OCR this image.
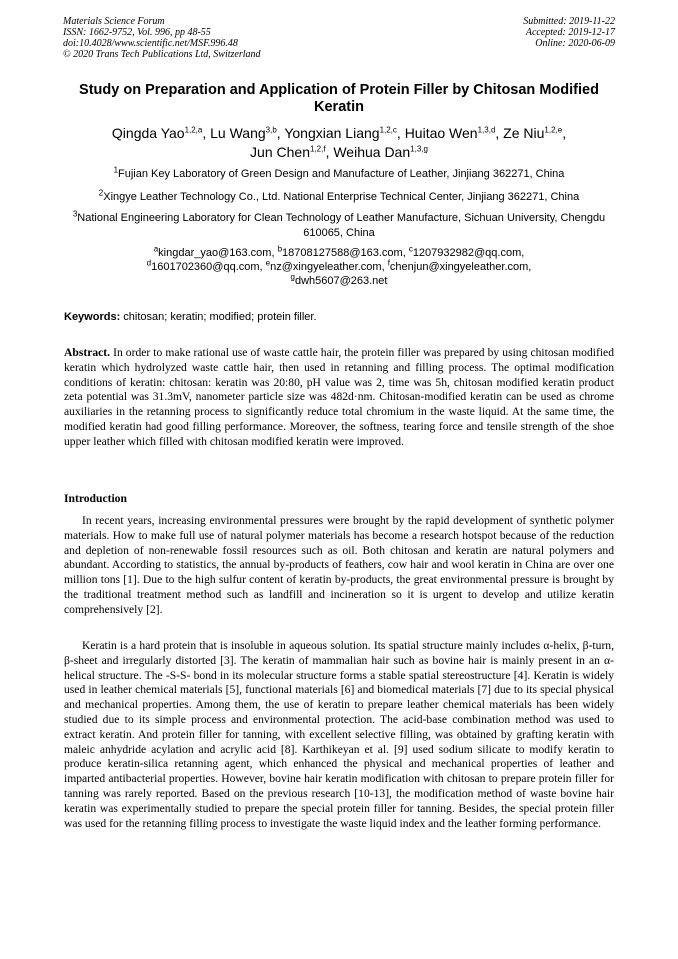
Materials Science Forum
ISSN: 1662-9752, Vol. 996, pp 48-55
doi:10.4028/www.scientific.net/MSF.996.48
© 2020 Trans Tech Publications Ltd, Switzerland
Submitted: 2019-11-22
Accepted: 2019-12-17
Online: 2020-06-09
Study on Preparation and Application of Protein Filler by Chitosan Modified Keratin
Qingda Yao$^{1,2,a}$, Lu Wang$^{3,b}$, Yongxian Liang$^{1,2,c}$, Huitao Wen$^{1,3,d}$, Ze Niu$^{1,2,e}$,
Jun Chen$^{1,2,f}$, Weihua Dan$^{1,3,g}$
$^1$Fujian Key Laboratory of Green Design and Manufacture of Leather, Jinjiang 362271, China
$^2$Xingye Leather Technology Co., Ltd. National Enterprise Technical Center, Jinjiang 362271, China
$^3$National Engineering Laboratory for Clean Technology of Leather Manufacture, Sichuan University, Chengdu 610065, China
$^a$kingdar_yao@163.com, $^b$18708127588@163.com, $^c$1207932982@qq.com,
$^d$1601702360@qq.com, $^e$nz@xingyeleather.com, $^f$chenjun@xingyeleather.com,
$^g$dwh5607@263.net
Keywords: chitosan; keratin; modified; protein filler.
Abstract. In order to make rational use of waste cattle hair, the protein filler was prepared by using chitosan modified keratin which hydrolyzed waste cattle hair, then used in retanning and filling process. The optimal modification conditions of keratin: chitosan: keratin was 20:80, pH value was 2, time was 5h, chitosan modified keratin product zeta potential was 31.3mV, nanometer particle size was 482d·nm. Chitosan-modified keratin can be used as chrome auxiliaries in the retanning process to significantly reduce total chromium in the waste liquid. At the same time, the modified keratin had good filling performance. Moreover, the softness, tearing force and tensile strength of the shoe upper leather which filled with chitosan modified keratin were improved.
Introduction

In recent years, increasing environmental pressures were brought by the rapid development of synthetic polymer materials. How to make full use of natural polymer materials has become a research hotspot because of the reduction and depletion of non-renewable fossil resources such as oil. Both chitosan and keratin are natural polymers and abundant. According to statistics, the annual by-products of feathers, cow hair and wool keratin in China are over one million tons [1]. Due to the high sulfur content of keratin by-products, the great environmental pressure is brought by the traditional treatment method such as landfill and incineration so it is urgent to develop and utilize keratin comprehensively [2].

Keratin is a hard protein that is insoluble in aqueous solution. Its spatial structure mainly includes α-helix, β-turn, β-sheet and irregularly distorted [3]. The keratin of mammalian hair such as bovine hair is mainly present in an α-helical structure. The -S-S- bond in its molecular structure forms a stable spatial stereostructure [4]. Keratin is widely used in leather chemical materials [5], functional materials [6] and biomedical materials [7] due to its special physical and mechanical properties. Among them, the use of keratin to prepare leather chemical materials has been widely studied due to its simple process and environmental protection. The acid-base combination method was used to extract keratin. And protein filler for tanning, with excellent selective filling, was obtained by grafting keratin with maleic anhydride acylation and acrylic acid [8]. Karthikeyan et al. [9] used sodium silicate to modify keratin to produce keratin-silica retanning agent, which enhanced the physical and mechanical properties of leather and imparted antibacterial properties. However, bovine hair keratin modification with chitosan to prepare protein filler for tanning was rarely reported. Based on the previous research [10-13], the modification method of waste bovine hair keratin was experimentally studied to prepare the special protein filler for tanning. Besides, the special protein filler was used for the retanning filling process to investigate the waste liquid index and the leather forming performance.
